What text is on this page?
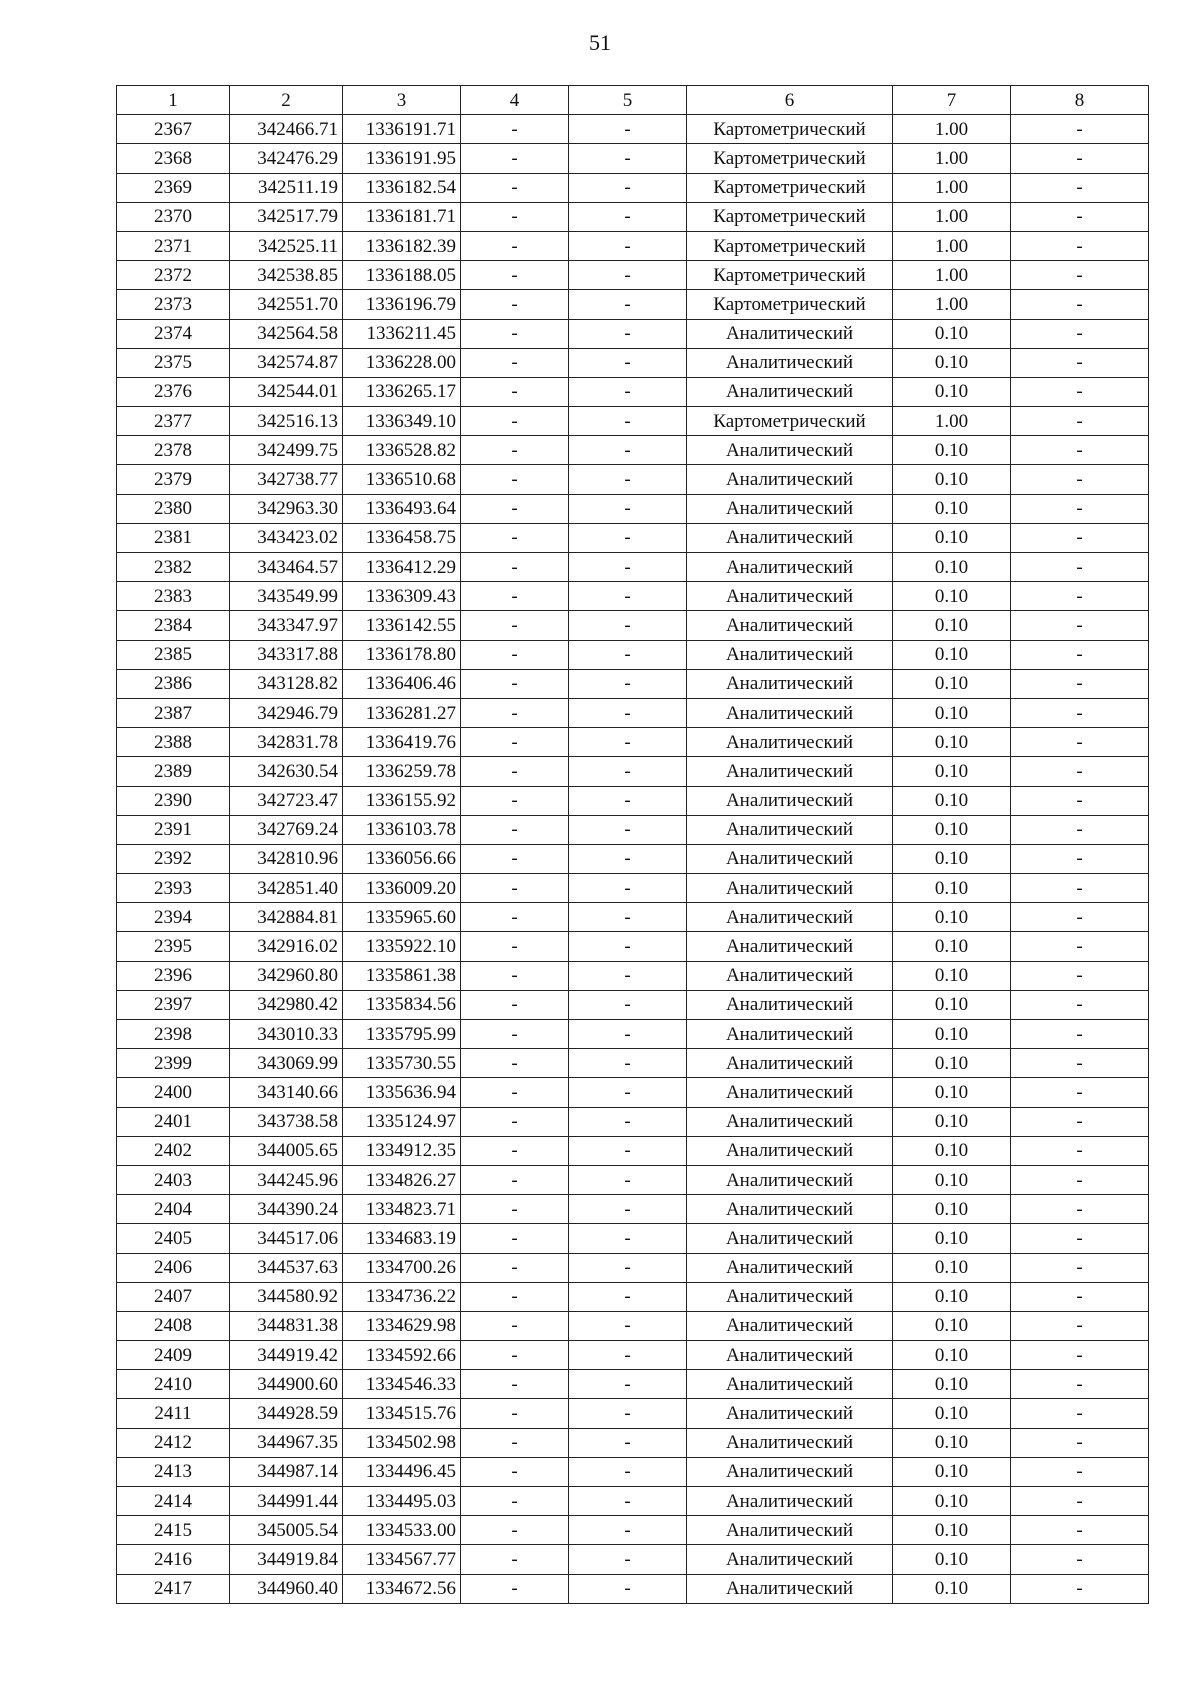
51
1	2	3	4	5	6	7	8
2367	342466.71	1336191.71	-	-	Картометрический	1.00	-
2368	342476.29	1336191.95	-	-	Картометрический	1.00	-
2369	342511.19	1336182.54	-	-	Картометрический	1.00	-
2370	342517.79	1336181.71	-	-	Картометрический	1.00	-
2371	342525.11	1336182.39	-	-	Картометрический	1.00	-
2372	342538.85	1336188.05	-	-	Картометрический	1.00	-
2373	342551.70	1336196.79	-	-	Картометрический	1.00	-
2374	342564.58	1336211.45	-	-	Аналитический	0.10	-
2375	342574.87	1336228.00	-	-	Аналитический	0.10	-
2376	342544.01	1336265.17	-	-	Аналитический	0.10	-
2377	342516.13	1336349.10	-	-	Картометрический	1.00	-
2378	342499.75	1336528.82	-	-	Аналитический	0.10	-
2379	342738.77	1336510.68	-	-	Аналитический	0.10	-
2380	342963.30	1336493.64	-	-	Аналитический	0.10	-
2381	343423.02	1336458.75	-	-	Аналитический	0.10	-
2382	343464.57	1336412.29	-	-	Аналитический	0.10	-
2383	343549.99	1336309.43	-	-	Аналитический	0.10	-
2384	343347.97	1336142.55	-	-	Аналитический	0.10	-
2385	343317.88	1336178.80	-	-	Аналитический	0.10	-
2386	343128.82	1336406.46	-	-	Аналитический	0.10	-
2387	342946.79	1336281.27	-	-	Аналитический	0.10	-
2388	342831.78	1336419.76	-	-	Аналитический	0.10	-
2389	342630.54	1336259.78	-	-	Аналитический	0.10	-
2390	342723.47	1336155.92	-	-	Аналитический	0.10	-
2391	342769.24	1336103.78	-	-	Аналитический	0.10	-
2392	342810.96	1336056.66	-	-	Аналитический	0.10	-
2393	342851.40	1336009.20	-	-	Аналитический	0.10	-
2394	342884.81	1335965.60	-	-	Аналитический	0.10	-
2395	342916.02	1335922.10	-	-	Аналитический	0.10	-
2396	342960.80	1335861.38	-	-	Аналитический	0.10	-
2397	342980.42	1335834.56	-	-	Аналитический	0.10	-
2398	343010.33	1335795.99	-	-	Аналитический	0.10	-
2399	343069.99	1335730.55	-	-	Аналитический	0.10	-
2400	343140.66	1335636.94	-	-	Аналитический	0.10	-
2401	343738.58	1335124.97	-	-	Аналитический	0.10	-
2402	344005.65	1334912.35	-	-	Аналитический	0.10	-
2403	344245.96	1334826.27	-	-	Аналитический	0.10	-
2404	344390.24	1334823.71	-	-	Аналитический	0.10	-
2405	344517.06	1334683.19	-	-	Аналитический	0.10	-
2406	344537.63	1334700.26	-	-	Аналитический	0.10	-
2407	344580.92	1334736.22	-	-	Аналитический	0.10	-
2408	344831.38	1334629.98	-	-	Аналитический	0.10	-
2409	344919.42	1334592.66	-	-	Аналитический	0.10	-
2410	344900.60	1334546.33	-	-	Аналитический	0.10	-
2411	344928.59	1334515.76	-	-	Аналитический	0.10	-
2412	344967.35	1334502.98	-	-	Аналитический	0.10	-
2413	344987.14	1334496.45	-	-	Аналитический	0.10	-
2414	344991.44	1334495.03	-	-	Аналитический	0.10	-
2415	345005.54	1334533.00	-	-	Аналитический	0.10	-
2416	344919.84	1334567.77	-	-	Аналитический	0.10	-
2417	344960.40	1334672.56	-	-	Аналитический	0.10	-
